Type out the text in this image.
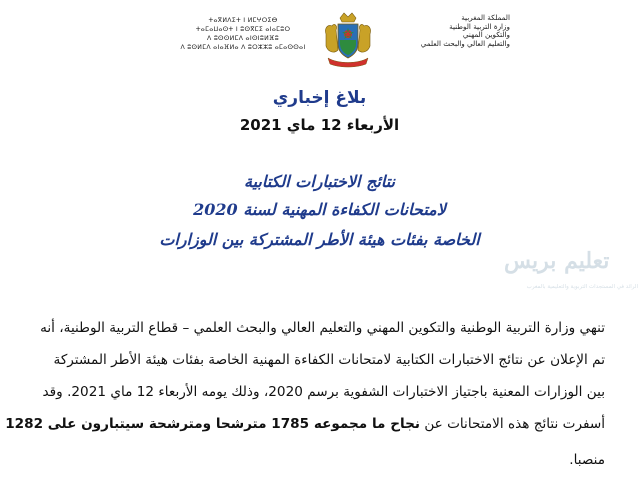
ⵜⴰⴳⵍⴷⵉⵜ ⵏ ⵍⵎⵖⵔⵉⴱ
ⵜⴰⵎⴰⵡⴰⵙⵜ ⵏ ⵓⵙⴳⵎⵉ ⴰⵏⴰⵎⵓⵔ
ⴷ ⵓⵙⵙⵍⵎⴷ ⴰⵏⵙⵏⵓⵍⴼⵓ
ⴷ ⵓⵙⵍⵎⴷ ⴰⵏⴰⴼⵍⴰ ⴷ ⵓⵔⵣⵣⵓ ⴰⵎⴰⵙⵙⴰⵏ
المملكة المغربية
وزارة التربية الوطنية
والتكوين المهني
والتعليم العالي والبحث العلمي
بلاغ إخباري
الأربعاء 12 ماي 2021
نتائج الاختبارات الكتابية
لامتحانات الكفاءة المهنية لسنة 2020
الخاصة بفئات هيئة الأطر المشتركة بين الوزارات
تعليم بريس
الرائد في المستجدات التربوية والتعليمية بالمغرب
تنهي وزارة التربية الوطنية والتكوين المهني والتعليم العالي والبحث العلمي – قطاع التربية الوطنية، أنه
تم الإعلان عن نتائج الاختبارات الكتابية لامتحانات الكفاءة المهنية الخاصة بفئات هيئة الأطر المشتركة
بين الوزارات المعنية باجتياز الاختبارات الشفوية برسم 2020، وذلك يومه الأربعاء 12 ماي 2021. وقد
أسفرت نتائج هذه الامتحانات عن نجاح ما مجموعه 1785 مترشحا ومترشحة سيتبارون على 1282
منصبا.
